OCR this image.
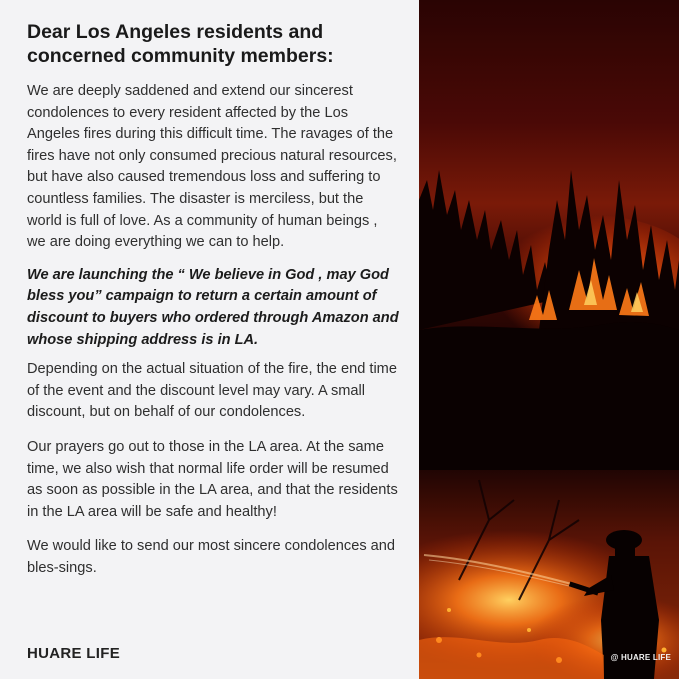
Dear Los Angeles residents and concerned community members:

We are deeply saddened and extend our sincerest condolences to every resident affected by the Los Angeles fires during this difficult time. The ravages of the fires have not only consumed precious natural resources, but have also caused tremendous loss and suffering to countless families. The disaster is merciless, but the world is full of love. As a community of human beings , we are doing everything we can to help.

We are launching the “ We believe in God , may God bless you” campaign to return a certain amount of discount to buyers who ordered through Amazon and whose shipping address is in LA.

Depending on the actual situation of the fire, the end time of the event and the discount level may vary. A small discount, but on behalf of our condolences.

Our prayers go out to those in the LA area. At the same time, we also wish that normal life order will be resumed as soon as possible in the LA area, and that the residents in the LA area will be safe and healthy!

We would like to send our most sincere condolences and bles-sings.

HUARE LIFE	@ HUARE LIFE
